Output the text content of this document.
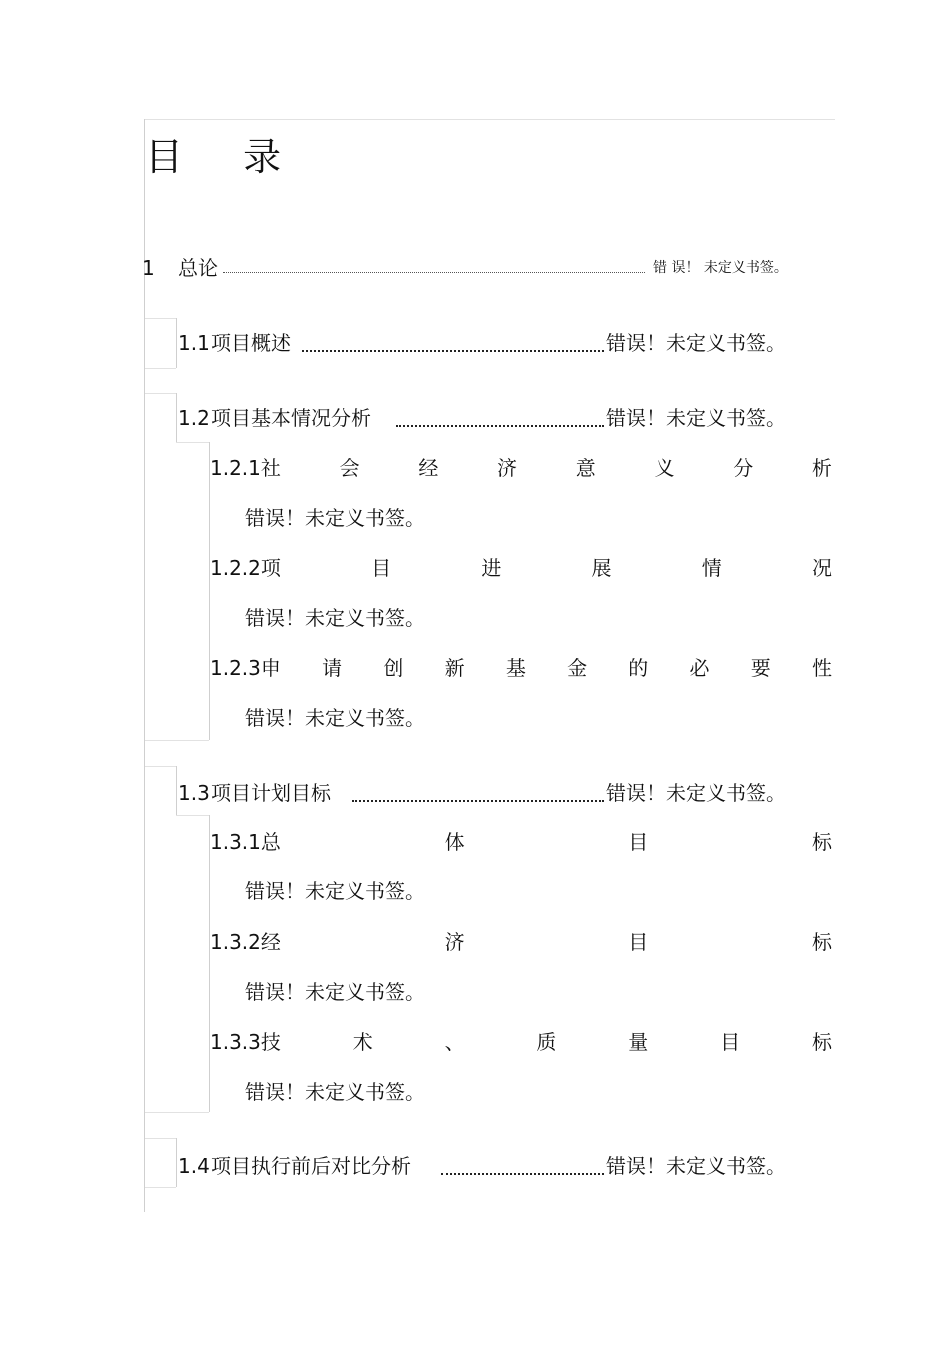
目 录
1 总论	错 误！ 未定义书签。
1.1 项目概述	错误！未定义书签。
1.2 项目基本情况分析	错误！未定义书签。
1.2.1社	会	经	济	意	义	分	析
错误！未定义书签。
1.2.2项	目	进	展	情	况
错误！未定义书签。
1.2.3申 请 创 新 基 金 的 必 要 性
错误！未定义书签。
1.3 项目计划目标	错误！未定义书签。
1.3.1总	体	目	标
错误！未定义书签。
1.3.2经	济	目	标
错误！未定义书签。
1.3.3技	术	、	质	量	目	标
错误！未定义书签。
1.4 项目执行前后对比分析	错误！未定义书签。
